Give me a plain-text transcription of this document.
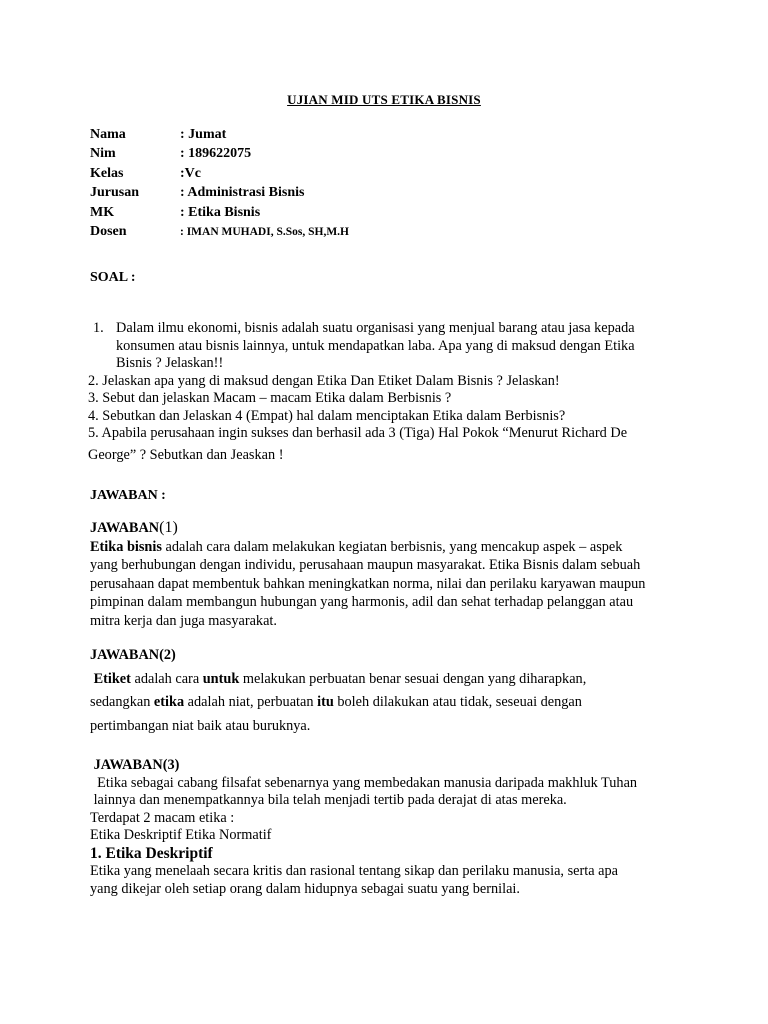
UJIAN MID UTS ETIKA BISNIS
Nama	: Jumat
Nim	: 189622075
Kelas	:Vc
Jurusan	: Administrasi Bisnis
MK	: Etika Bisnis
Dosen	: IMAN MUHADI, S.Sos, SH,M.H
SOAL :
1. Dalam ilmu ekonomi, bisnis adalah suatu organisasi yang menjual barang atau jasa kepada
konsumen atau bisnis lainnya, untuk mendapatkan laba. Apa yang di maksud dengan Etika
Bisnis ? Jelaskan!!
2. Jelaskan apa yang di maksud dengan Etika Dan Etiket Dalam Bisnis ? Jelaskan!
3. Sebut dan jelaskan Macam – macam Etika dalam Berbisnis ?
4. Sebutkan dan Jelaskan 4 (Empat) hal dalam menciptakan Etika dalam Berbisnis?
5. Apabila perusahaan ingin sukses dan berhasil ada 3 (Tiga) Hal Pokok “Menurut Richard De
George” ? Sebutkan dan Jeaskan !
JAWABAN :
JAWABAN(1)
Etika bisnis adalah cara dalam melakukan kegiatan berbisnis, yang mencakup aspek – aspek
yang berhubungan dengan individu, perusahaan maupun masyarakat. Etika Bisnis dalam sebuah
perusahaan dapat membentuk bahkan meningkatkan norma, nilai dan perilaku karyawan maupun
pimpinan dalam membangun hubungan yang harmonis, adil dan sehat terhadap pelanggan atau
mitra kerja dan juga masyarakat.
JAWABAN(2)
Etiket adalah cara untuk melakukan perbuatan benar sesuai dengan yang diharapkan,
sedangkan etika adalah niat, perbuatan itu boleh dilakukan atau tidak, seseuai dengan
pertimbangan niat baik atau buruknya.
JAWABAN(3)
Etika sebagai cabang filsafat sebenarnya yang membedakan manusia daripada makhluk Tuhan
lainnya dan menempatkannya bila telah menjadi tertib pada derajat di atas mereka.
Terdapat 2 macam etika :
Etika Deskriptif Etika Normatif
1. Etika Deskriptif
Etika yang menelaah secara kritis dan rasional tentang sikap dan perilaku manusia, serta apa
yang dikejar oleh setiap orang dalam hidupnya sebagai suatu yang bernilai.
